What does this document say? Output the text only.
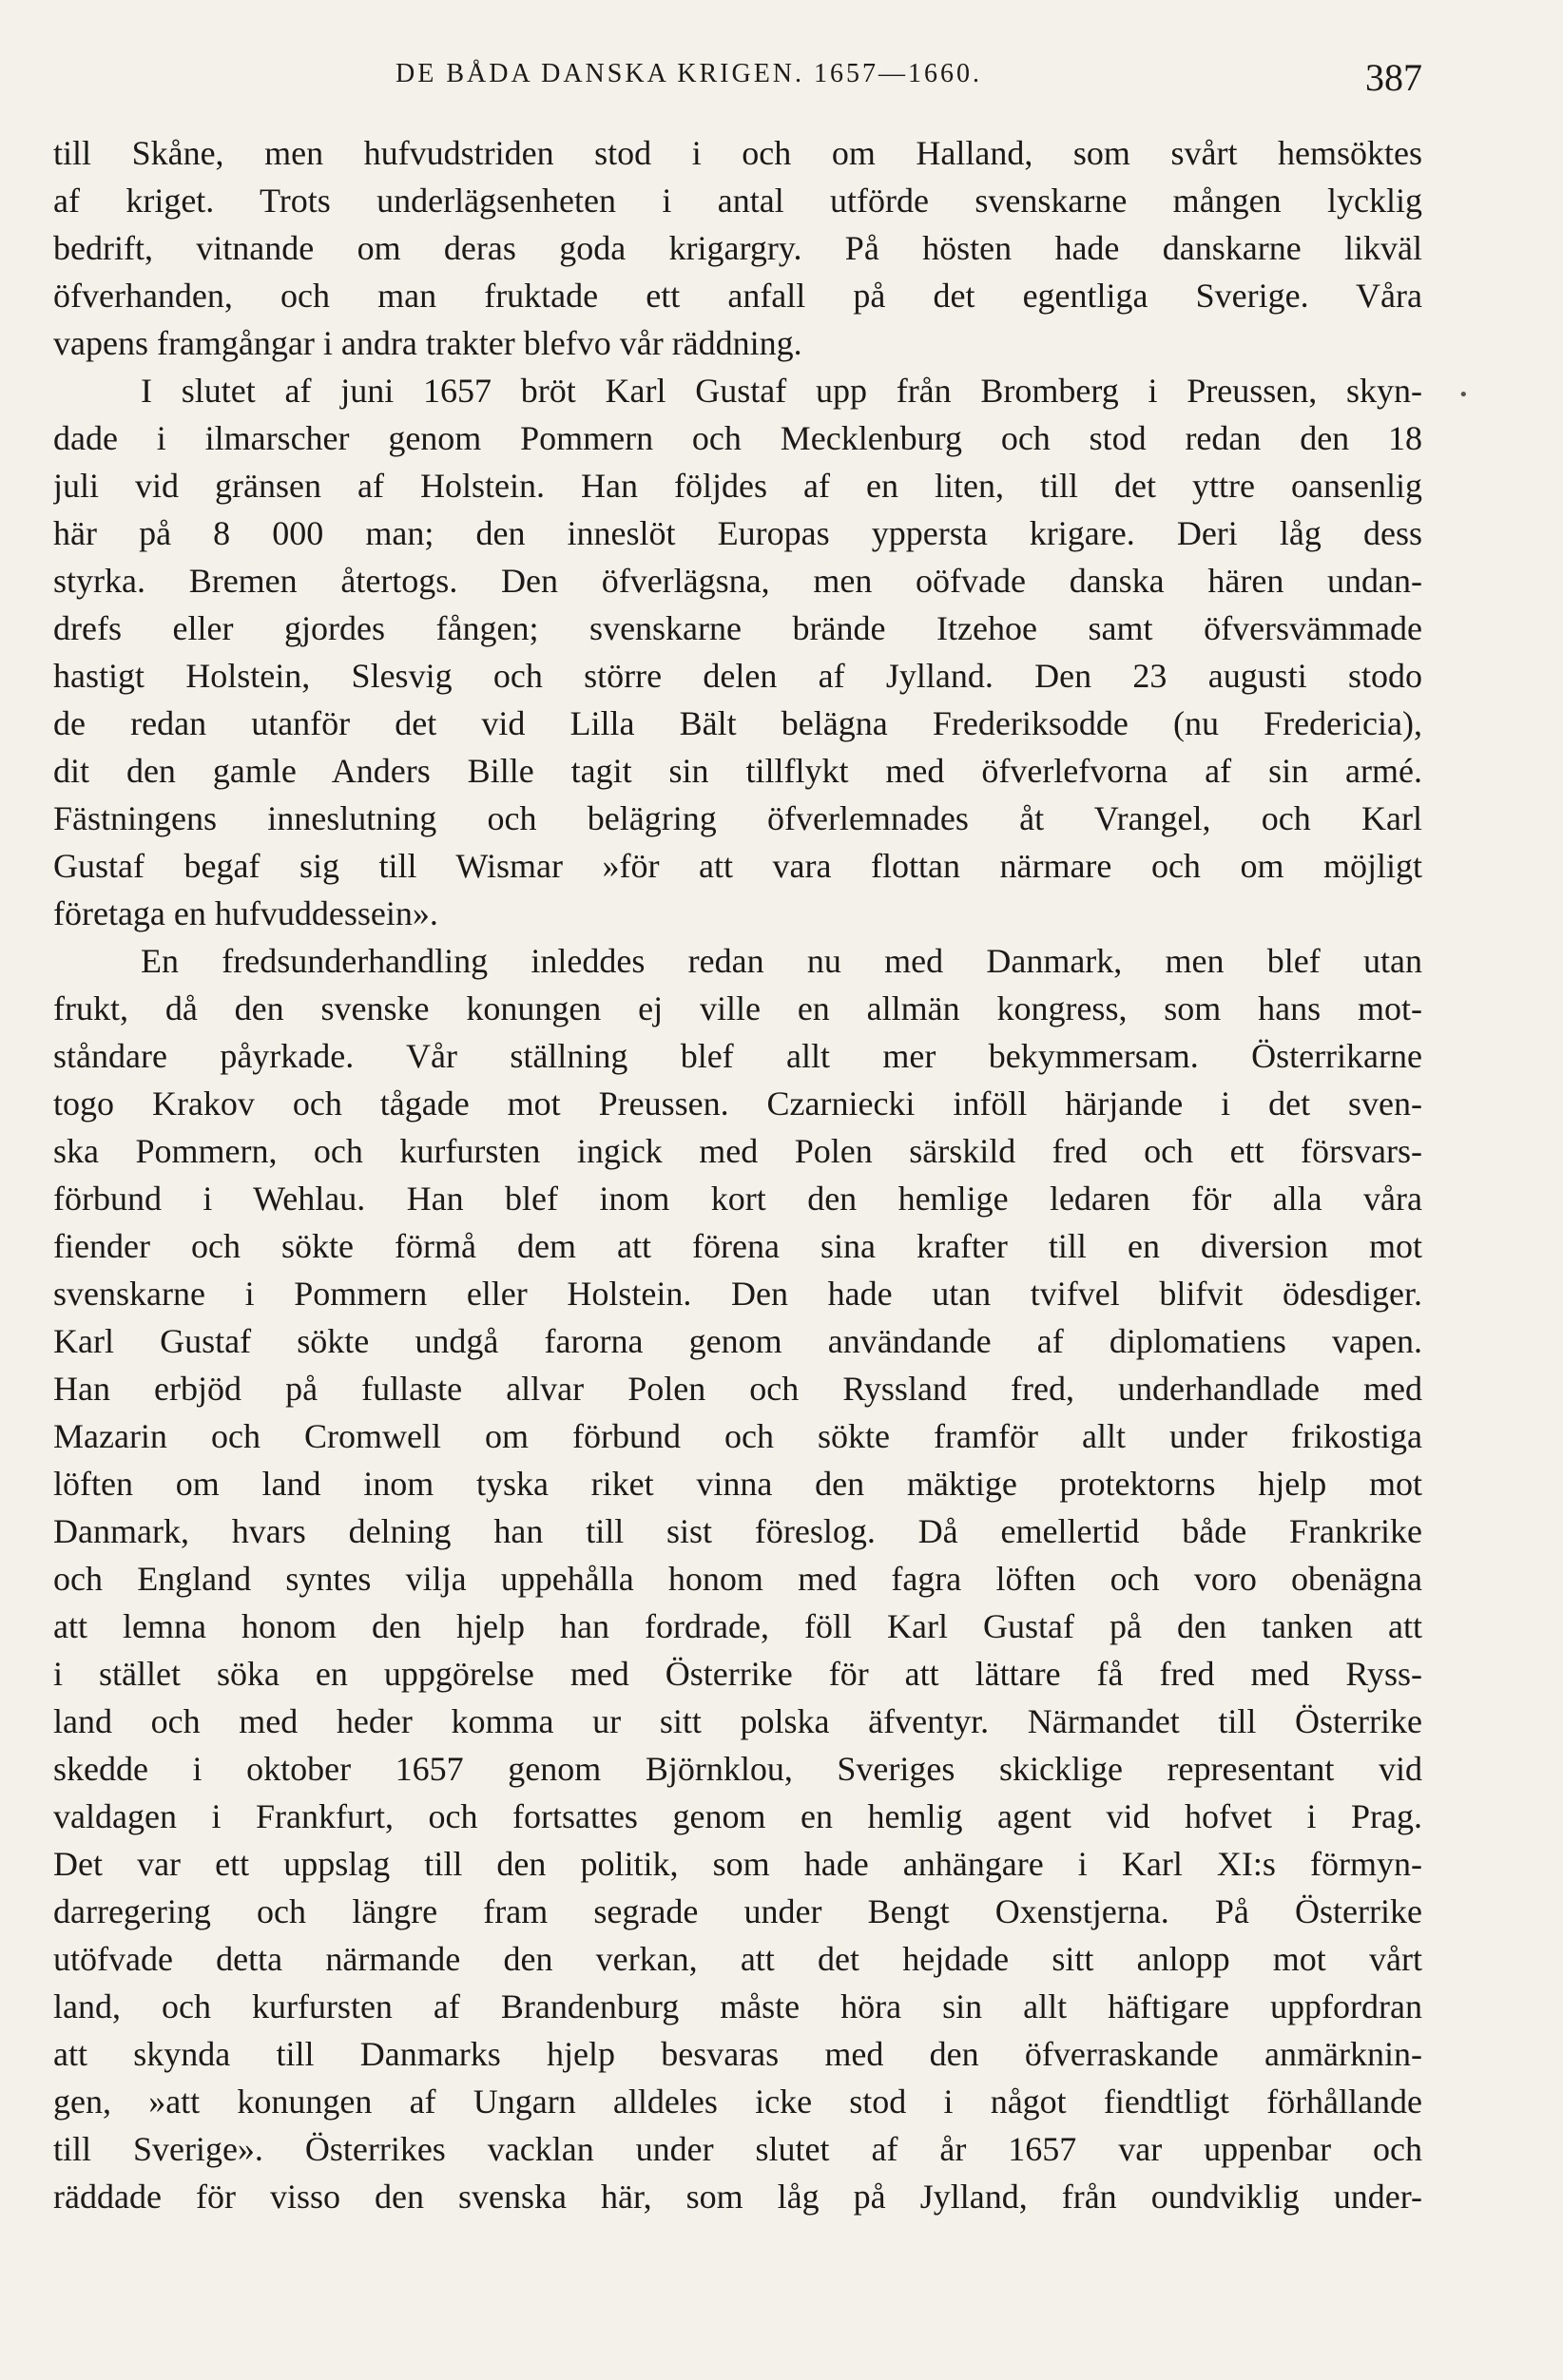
DE BÅDA DANSKA KRIGEN. 1657—1660.	387
•
till Skåne, men hufvudstriden stod i och om Halland, som svårt hemsöktes
af kriget. Trots underlägsenheten i antal utförde svenskarne mången lycklig
bedrift, vitnande om deras goda krigargry. På hösten hade danskarne likväl
öfverhanden, och man fruktade ett anfall på det egentliga Sverige. Våra
vapens framgångar i andra trakter blefvo vår räddning.
I slutet af juni 1657 bröt Karl Gustaf upp från Bromberg i Preussen, skyn-
dade i ilmarscher genom Pommern och Mecklenburg och stod redan den 18
juli vid gränsen af Holstein. Han följdes af en liten, till det yttre oansenlig
här på 8 000 man; den inneslöt Europas yppersta krigare. Deri låg dess
styrka. Bremen återtogs. Den öfverlägsna, men oöfvade danska hären undan-
drefs eller gjordes fången; svenskarne brände Itzehoe samt öfversvämmade
hastigt Holstein, Slesvig och större delen af Jylland. Den 23 augusti stodo
de redan utanför det vid Lilla Bält belägna Frederiksodde (nu Fredericia),
dit den gamle Anders Bille tagit sin tillflykt med öfverlefvorna af sin armé.
Fästningens inneslutning och belägring öfverlemnades åt Vrangel, och Karl
Gustaf begaf sig till Wismar »för att vara flottan närmare och om möjligt
företaga en hufvuddessein».
En fredsunderhandling inleddes redan nu med Danmark, men blef utan
frukt, då den svenske konungen ej ville en allmän kongress, som hans mot-
ståndare påyrkade. Vår ställning blef allt mer bekymmersam. Österrikarne
togo Krakov och tågade mot Preussen. Czarniecki inföll härjande i det sven-
ska Pommern, och kurfursten ingick med Polen särskild fred och ett försvars-
förbund i Wehlau. Han blef inom kort den hemlige ledaren för alla våra
fiender och sökte förmå dem att förena sina krafter till en diversion mot
svenskarne i Pommern eller Holstein. Den hade utan tvifvel blifvit ödesdiger.
Karl Gustaf sökte undgå farorna genom användande af diplomatiens vapen.
Han erbjöd på fullaste allvar Polen och Ryssland fred, underhandlade med
Mazarin och Cromwell om förbund och sökte framför allt under frikostiga
löften om land inom tyska riket vinna den mäktige protektorns hjelp mot
Danmark, hvars delning han till sist föreslog. Då emellertid både Frankrike
och England syntes vilja uppehålla honom med fagra löften och voro obenägna
att lemna honom den hjelp han fordrade, föll Karl Gustaf på den tanken att
i stället söka en uppgörelse med Österrike för att lättare få fred med Ryss-
land och med heder komma ur sitt polska äfventyr. Närmandet till Österrike
skedde i oktober 1657 genom Björnklou, Sveriges skicklige representant vid
valdagen i Frankfurt, och fortsattes genom en hemlig agent vid hofvet i Prag.
Det var ett uppslag till den politik, som hade anhängare i Karl XI:s förmyn-
darregering och längre fram segrade under Bengt Oxenstjerna. På Österrike
utöfvade detta närmande den verkan, att det hejdade sitt anlopp mot vårt
land, och kurfursten af Brandenburg måste höra sin allt häftigare uppfordran
att skynda till Danmarks hjelp besvaras med den öfverraskande anmärknin-
gen, »att konungen af Ungarn alldeles icke stod i något fiendtligt förhållande
till Sverige». Österrikes vacklan under slutet af år 1657 var uppenbar och
räddade för visso den svenska här, som låg på Jylland, från oundviklig under-
